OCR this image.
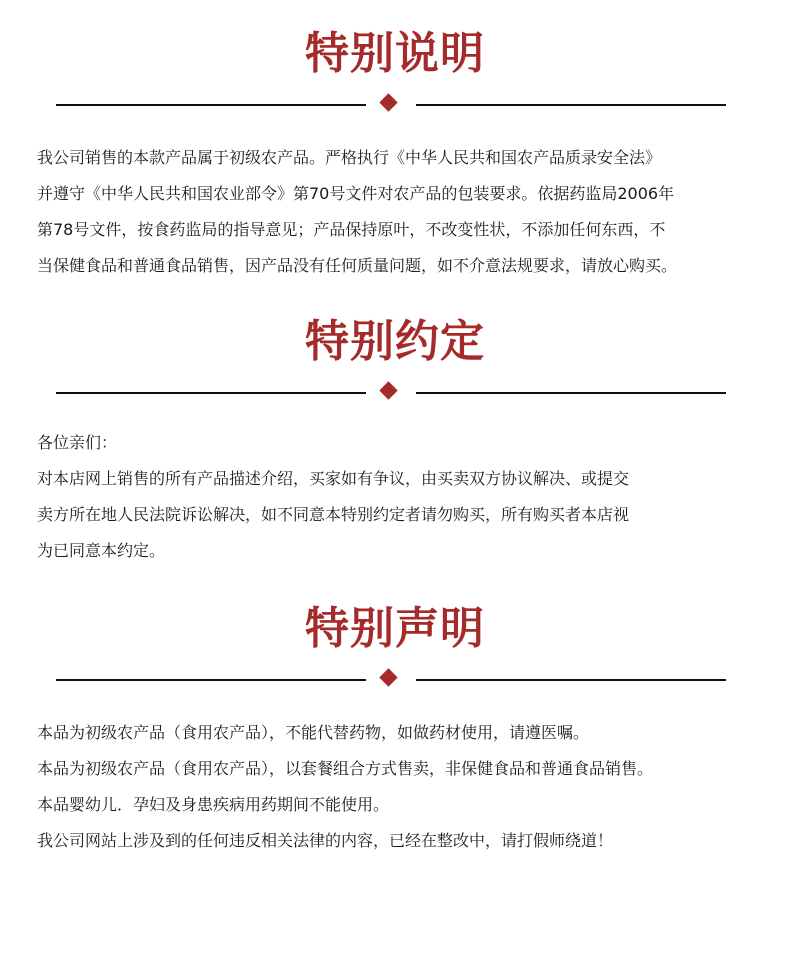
特别说明
我公司销售的本款产品属于初级农产品。严格执行《中华人民共和国农产品质录安全法》
并遵守《中华人民共和国农业部令》第70号文件对农产品的包装要求。依据药监局2006年
第78号文件，按食药监局的指导意见；产品保持原叶，不改变性状，不添加任何东西，不
当保健食品和普通食品销售，因产品没有任何质量问题，如不介意法规要求，请放心购买。
特别约定
各位亲们：
对本店网上销售的所有产品描述介绍，买家如有争议，由买卖双方协议解决、或提交
卖方所在地人民法院诉讼解决，如不同意本特别约定者请勿购买，所有购买者本店视
为已同意本约定。
特别声明
本品为初级农产品（食用农产品），不能代替药物，如做药材使用，请遵医嘱。
本品为初级农产品（食用农产品），以套餐组合方式售卖，非保健食品和普通食品销售。
本品婴幼儿．孕妇及身患疾病用药期间不能使用。
我公司网站上涉及到的任何违反相关法律的内容，已经在整改中，请打假师绕道！
